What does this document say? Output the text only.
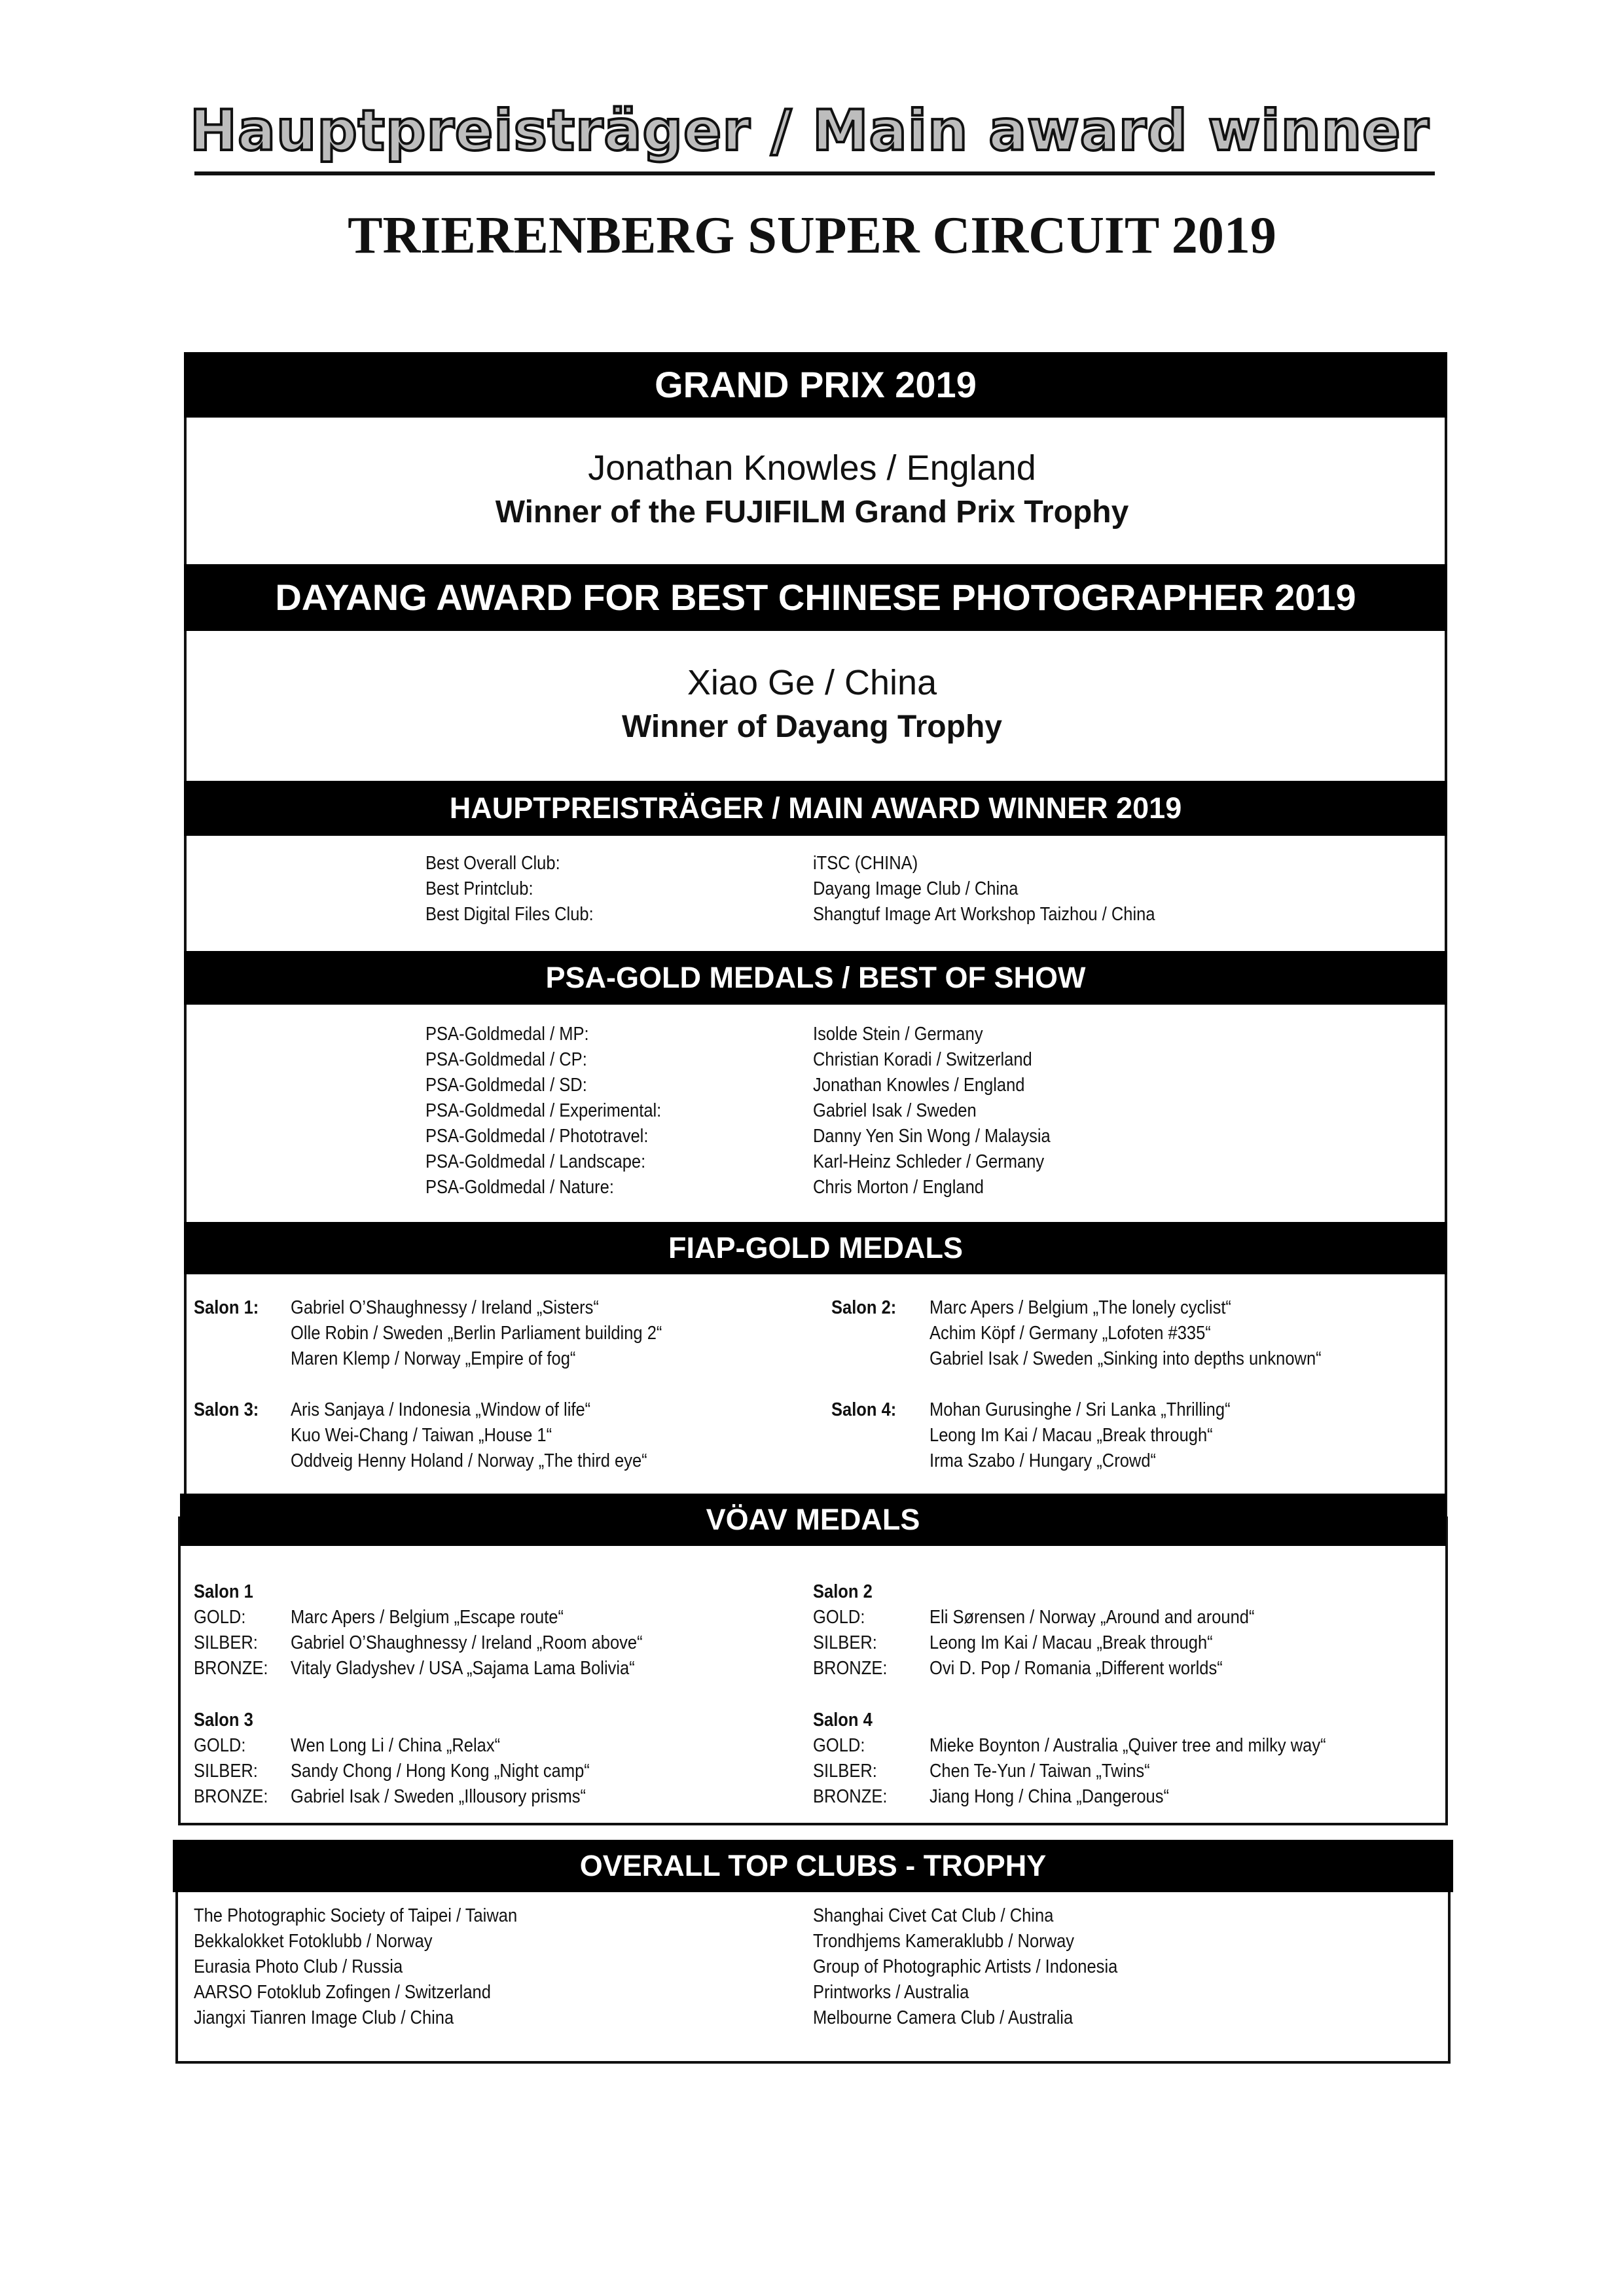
Hauptpreisträger / Main award winner
TRIERENBERG SUPER CIRCUIT 2019
GRAND PRIX 2019
Jonathan Knowles / England
Winner of the FUJIFILM Grand Prix Trophy
DAYANG AWARD FOR BEST CHINESE PHOTOGRAPHER 2019
Xiao Ge / China
Winner of Dayang Trophy
HAUPTPREISTRÄGER / MAIN AWARD WINNER 2019
Best Overall Club:
Best Printclub:
Best Digital Files Club:
iTSC (CHINA)
Dayang Image Club / China
Shangtuf Image Art Workshop Taizhou / China
PSA-GOLD MEDALS / BEST OF SHOW
PSA-Goldmedal / MP:
PSA-Goldmedal / CP:
PSA-Goldmedal / SD:
PSA-Goldmedal / Experimental:
PSA-Goldmedal / Phototravel:
PSA-Goldmedal / Landscape:
PSA-Goldmedal / Nature:
Isolde Stein / Germany
Christian Koradi / Switzerland
Jonathan Knowles / England
Gabriel Isak / Sweden
Danny Yen Sin Wong / Malaysia
Karl-Heinz Schleder / Germany
Chris Morton / England
FIAP-GOLD MEDALS
Salon 1: Gabriel O’Shaughnessy / Ireland „Sisters“
Olle Robin / Sweden „Berlin Parliament building 2“
Maren Klemp / Norway „Empire of fog“
Salon 2: Marc Apers / Belgium „The lonely cyclist“
Achim Köpf / Germany „Lofoten #335“
Gabriel Isak / Sweden „Sinking into depths unknown“
Salon 3: Aris Sanjaya / Indonesia „Window of life“
Kuo Wei-Chang / Taiwan „House 1“
Oddveig Henny Holand / Norway „The third eye“
Salon 4: Mohan Gurusinghe / Sri Lanka „Thrilling“
Leong Im Kai / Macau „Break through“
Irma Szabo / Hungary „Crowd“
VÖAV MEDALS
Salon 1
GOLD:
SILBER:
BRONZE:
Marc Apers / Belgium „Escape route“
Gabriel O’Shaughnessy / Ireland „Room above“
Vitaly Gladyshev / USA „Sajama Lama Bolivia“
Salon 2
GOLD:
SILBER:
BRONZE:
Eli Sørensen / Norway „Around and around“
Leong Im Kai / Macau „Break through“
Ovi D. Pop / Romania „Different worlds“
Salon 3
GOLD:
SILBER:
BRONZE:
Wen Long Li / China „Relax“
Sandy Chong / Hong Kong „Night camp“
Gabriel Isak / Sweden „Illousory prisms“
Salon 4
GOLD:
SILBER:
BRONZE:
Mieke Boynton / Australia „Quiver tree and milky way“
Chen Te-Yun / Taiwan „Twins“
Jiang Hong / China „Dangerous“
OVERALL TOP CLUBS - TROPHY
The Photographic Society of Taipei / Taiwan
Bekkalokket Fotoklubb / Norway
Eurasia Photo Club / Russia
AARSO Fotoklub Zofingen / Switzerland
Jiangxi Tianren Image Club / China
Shanghai Civet Cat Club / China
Trondhjems Kameraklubb / Norway
Group of Photographic Artists / Indonesia
Printworks / Australia
Melbourne Camera Club / Australia
